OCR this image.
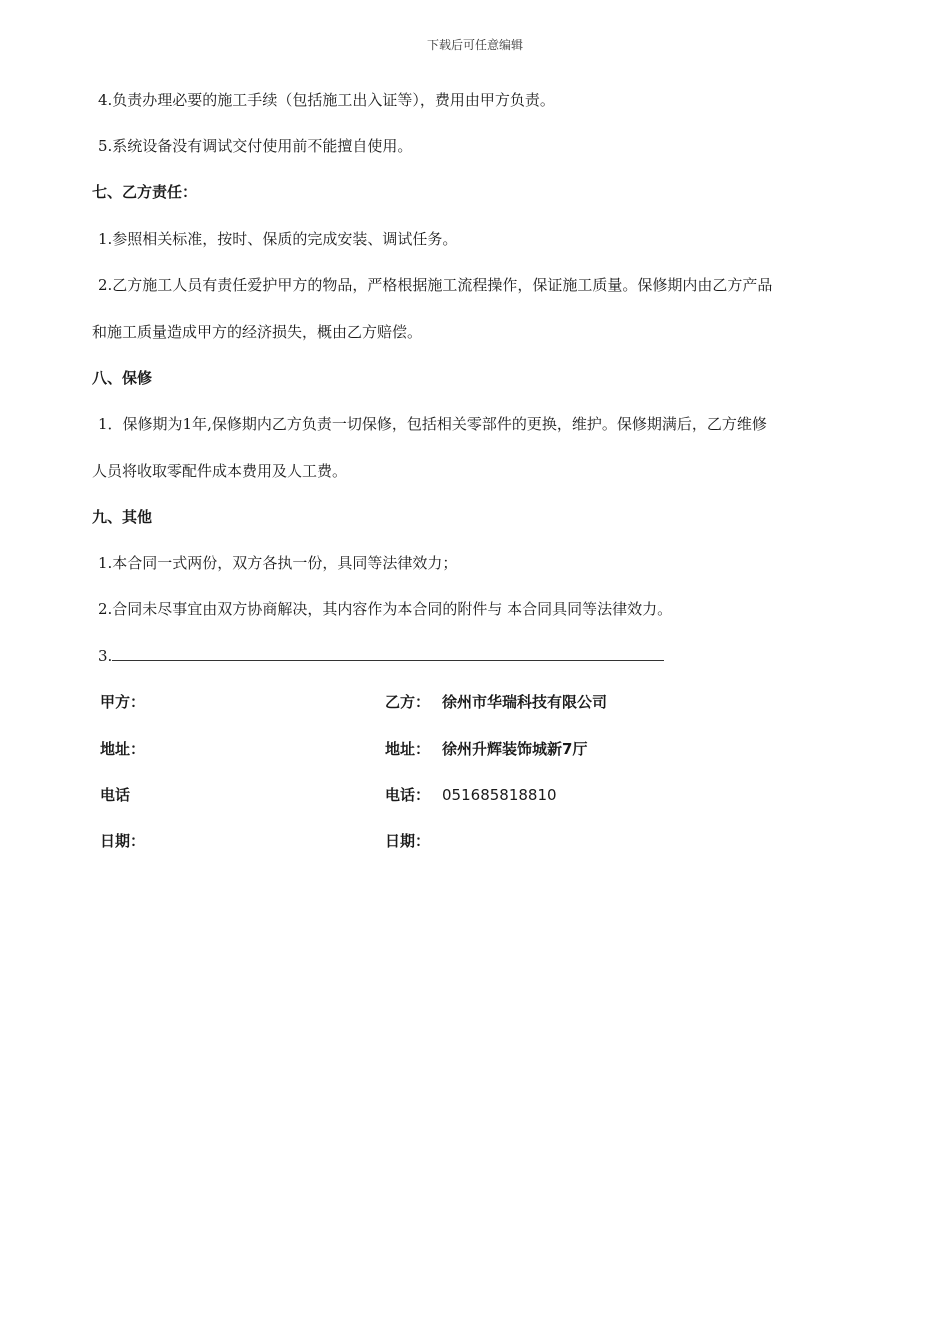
下载后可任意编辑
4.负责办理必要的施工手续（包括施工出入证等），费用由甲方负责。
5.系统设备没有调试交付使用前不能擅自使用。
七、乙方责任：
1.参照相关标准，按时、保质的完成安装、调试任务。
2.乙方施工人员有责任爱护甲方的物品，严格根据施工流程操作，保证施工质量。保修期内由乙方产品
和施工质量造成甲方的经济损失，概由乙方赔偿。
八、保修
1．保修期为1年,保修期内乙方负责一切保修，包括相关零部件的更换，维护。保修期满后，乙方维修
人员将收取零配件成本费用及人工费。
九、其他
1.本合同一式两份，双方各执一份，具同等法律效力；
2.合同未尽事宜由双方协商解决，其内容作为本合同的附件与 本合同具同等法律效力。
3.
甲方：	乙方： 徐州市华瑞科技有限公司
地址：	地址： 徐州升辉装饰城新7厅
电话	电话： 051685818810
日期：	日期：
